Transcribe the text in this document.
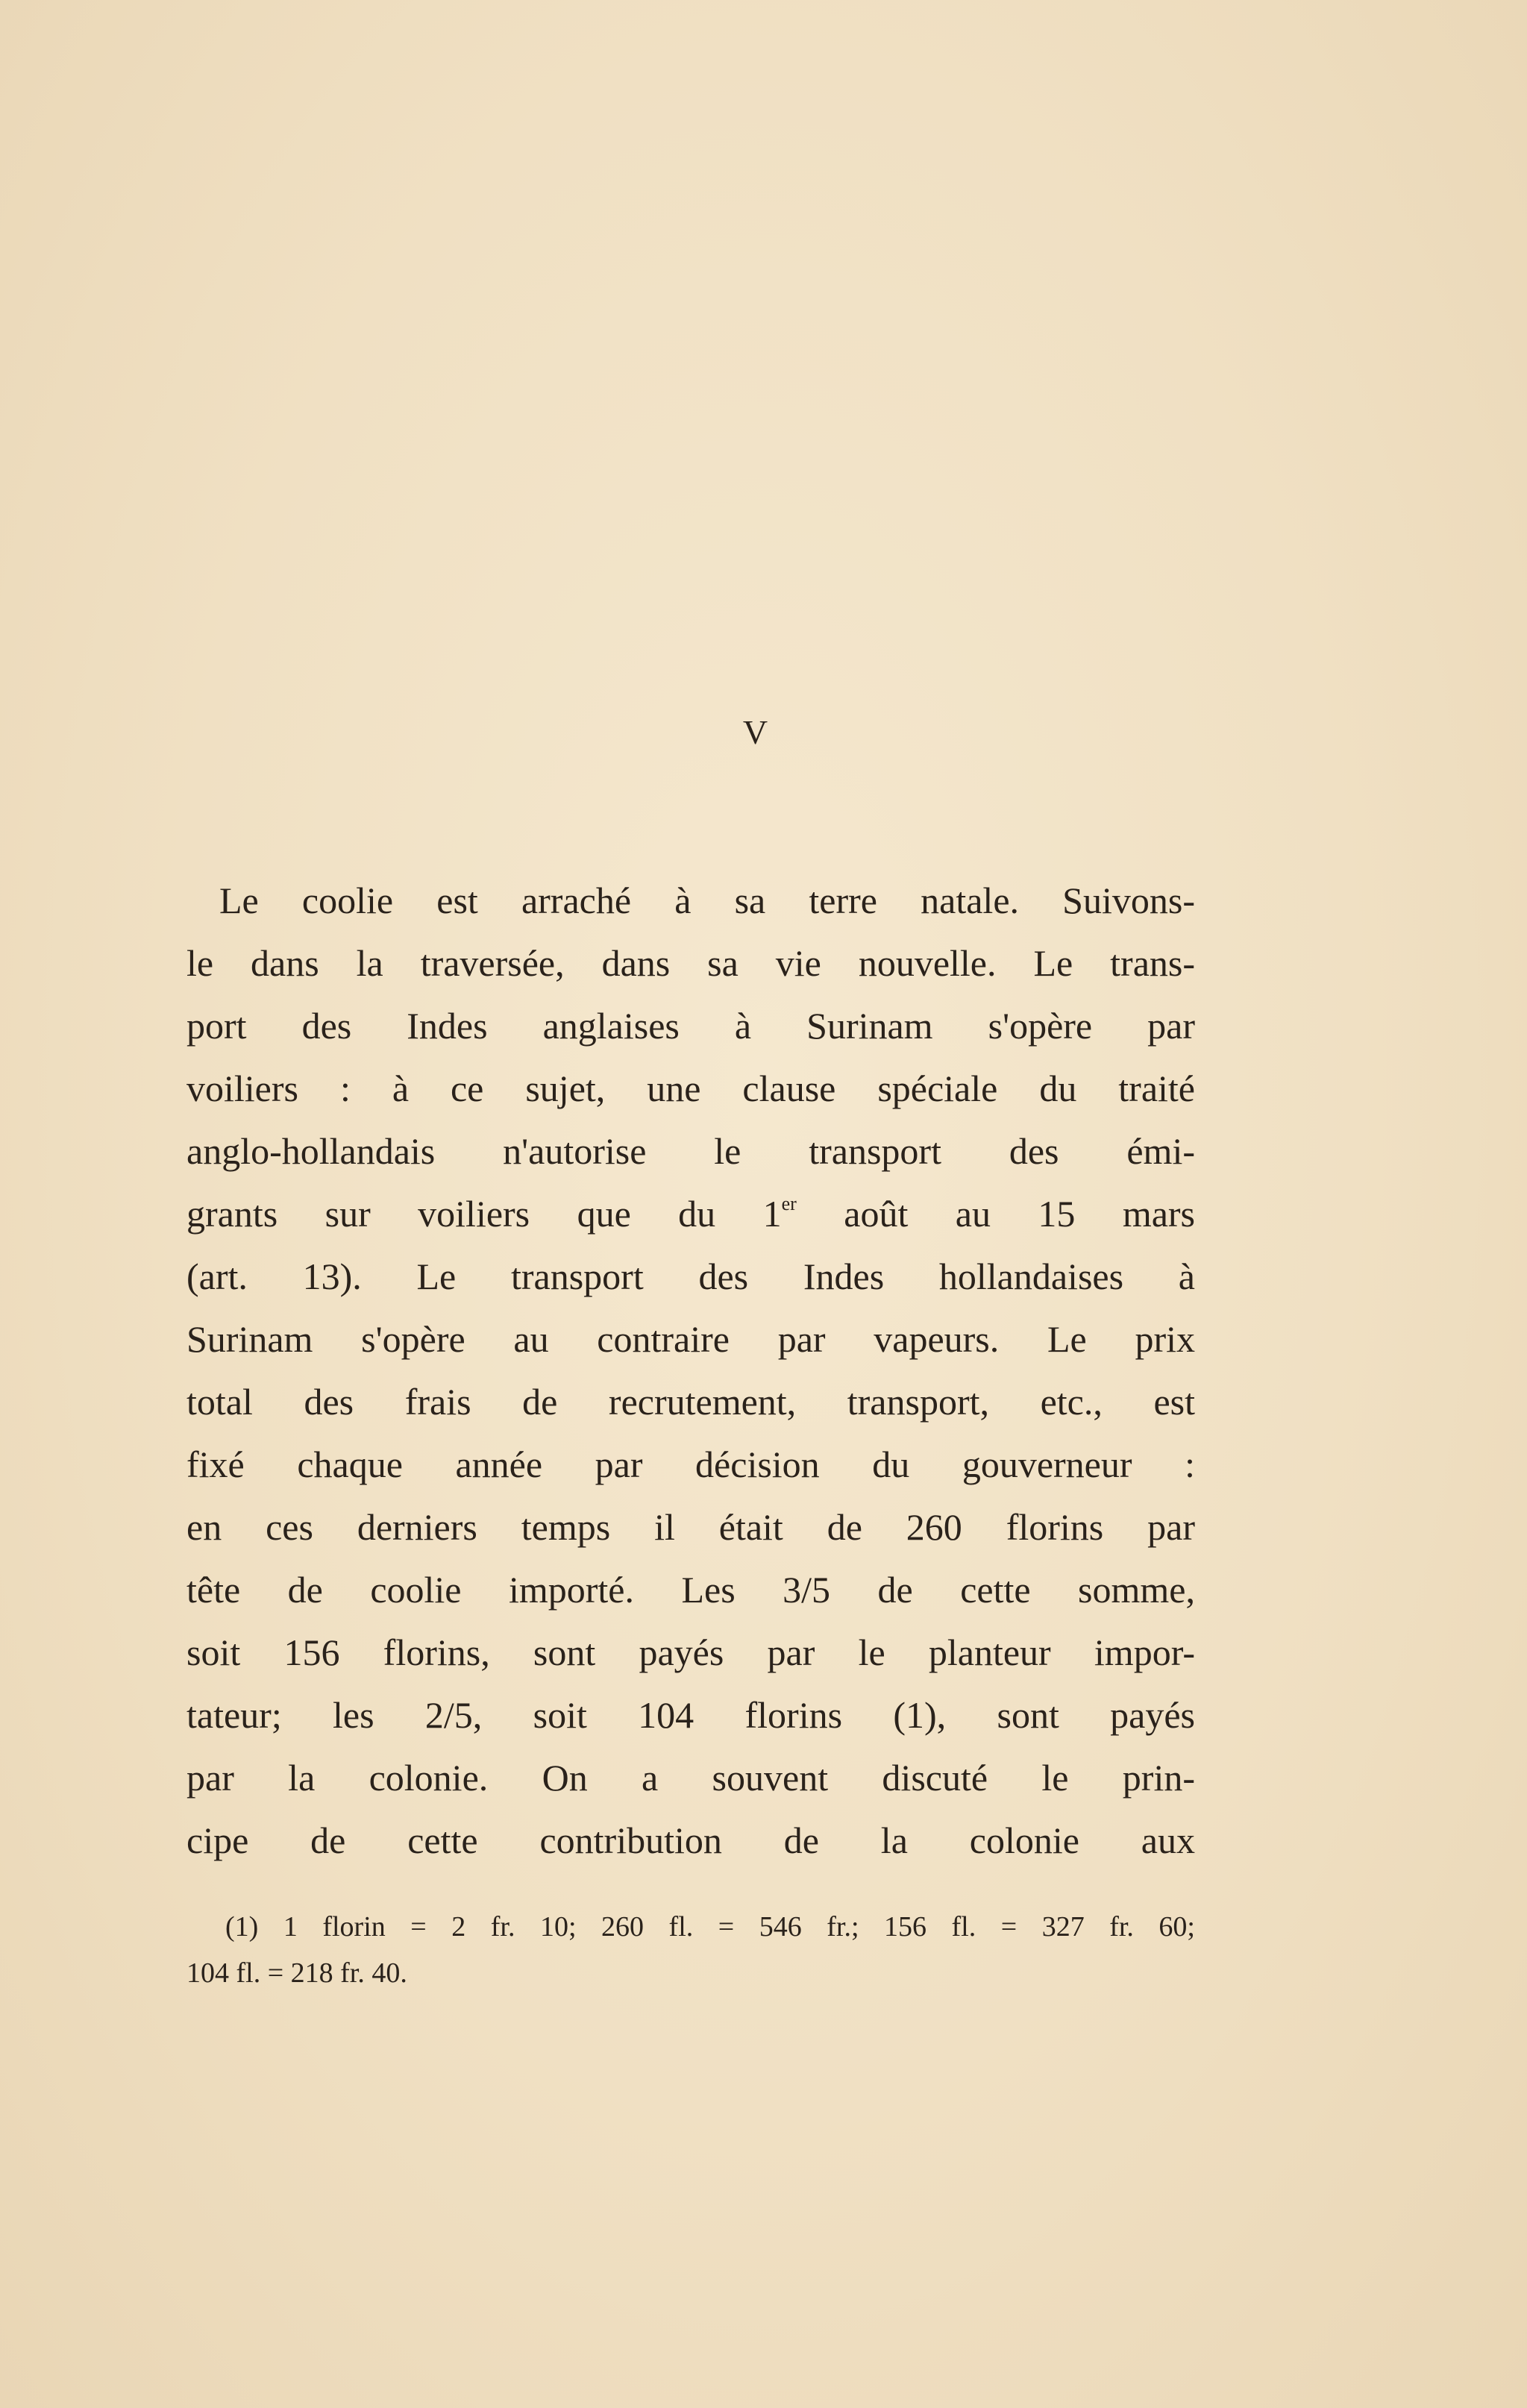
V
Le coolie est arraché à sa terre natale. Suivons-
le dans la traversée, dans sa vie nouvelle. Le trans-
port des Indes anglaises à Surinam s'opère par
voiliers : à ce sujet, une clause spéciale du traité
anglo-hollandais n'autorise le transport des émi-
grants sur voiliers que du 1er août au 15 mars
(art. 13). Le transport des Indes hollandaises à
Surinam s'opère au contraire par vapeurs. Le prix
total des frais de recrutement, transport, etc., est
fixé chaque année par décision du gouverneur :
en ces derniers temps il était de 260 florins par
tête de coolie importé. Les 3/5 de cette somme,
soit 156 florins, sont payés par le planteur impor-
tateur; les 2/5, soit 104 florins (1), sont payés
par la colonie. On a souvent discuté le prin-
cipe de cette contribution de la colonie aux
(1) 1 florin = 2 fr. 10; 260 fl. = 546 fr.; 156 fl. = 327 fr. 60;
104 fl. = 218 fr. 40.
